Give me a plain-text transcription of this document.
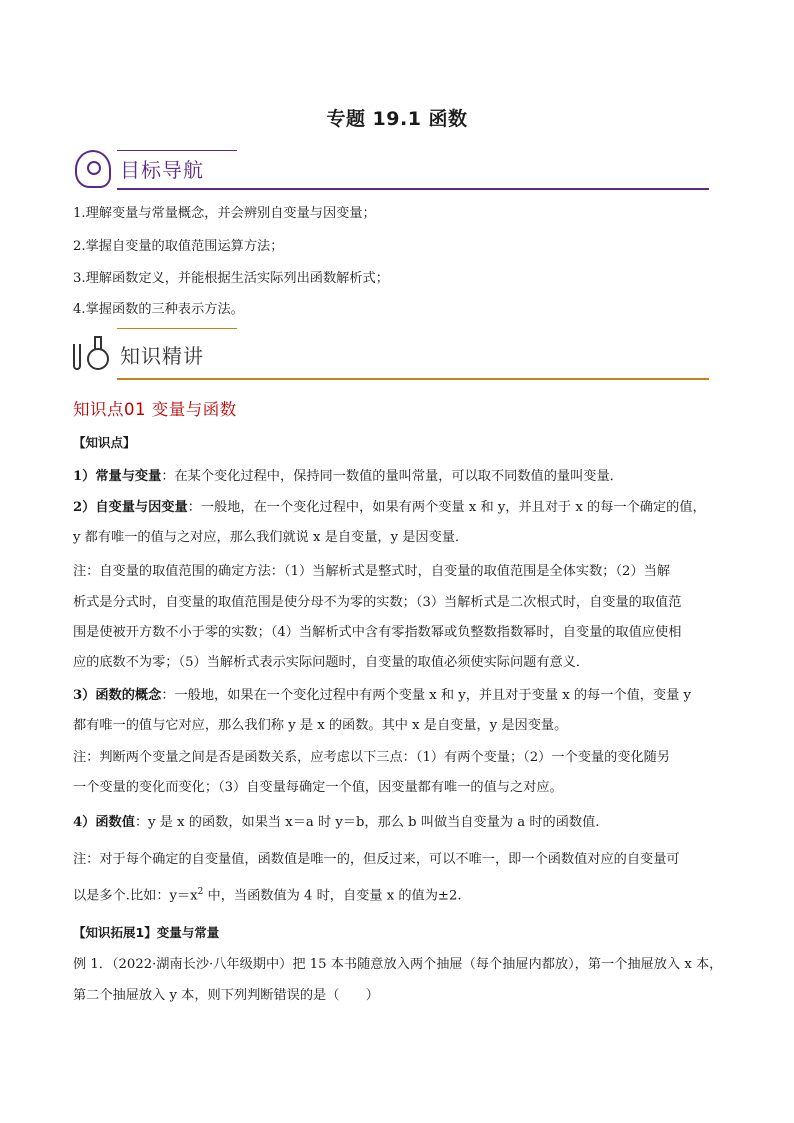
专题 19.1 函数
目标导航
1.理解变量与常量概念，并会辨别自变量与因变量；
2.掌握自变量的取值范围运算方法；
3.理解函数定义，并能根据生活实际列出函数解析式；
4.掌握函数的三种表示方法。
知识精讲
知识点01 变量与函数
【知识点】
1）常量与变量：在某个变化过程中，保持同一数值的量叫常量，可以取不同数值的量叫变量．
2）自变量与因变量：一般地，在一个变化过程中，如果有两个变量 x 和 y，并且对于 x 的每一个确定的值，
y 都有唯一的值与之对应，那么我们就说 x 是自变量，y 是因变量．
注：自变量的取值范围的确定方法：（1）当解析式是整式时，自变量的取值范围是全体实数；（2）当解
析式是分式时，自变量的取值范围是使分母不为零的实数；（3）当解析式是二次根式时，自变量的取值范
围是使被开方数不小于零的实数；（4）当解析式中含有零指数幂或负整数指数幂时，自变量的取值应使相
应的底数不为零；（5）当解析式表示实际问题时，自变量的取值必须使实际问题有意义．
3）函数的概念：一般地，如果在一个变化过程中有两个变量 x 和 y，并且对于变量 x 的每一个值，变量 y
都有唯一的值与它对应，那么我们称 y 是 x 的函数。其中 x 是自变量，y 是因变量。
注：判断两个变量之间是否是函数关系，应考虑以下三点：（1）有两个变量；（2）一个变量的变化随另
一个变量的变化而变化；（3）自变量每确定一个值，因变量都有唯一的值与之对应。
4）函数值：y 是 x 的函数，如果当 x＝a 时 y＝b，那么 b 叫做当自变量为 a 时的函数值.
注：对于每个确定的自变量值，函数值是唯一的，但反过来，可以不唯一，即一个函数值对应的自变量可
以是多个.比如：$y=x^2$ 中，当函数值为 4 时，自变量 x 的值为±2.
【知识拓展1】变量与常量
例 1．（2022·湖南长沙·八年级期中）把 15 本书随意放入两个抽屉（每个抽屉内都放），第一个抽屉放入 x 本，
第二个抽屉放入 y 本，则下列判断错误的是（　　）
